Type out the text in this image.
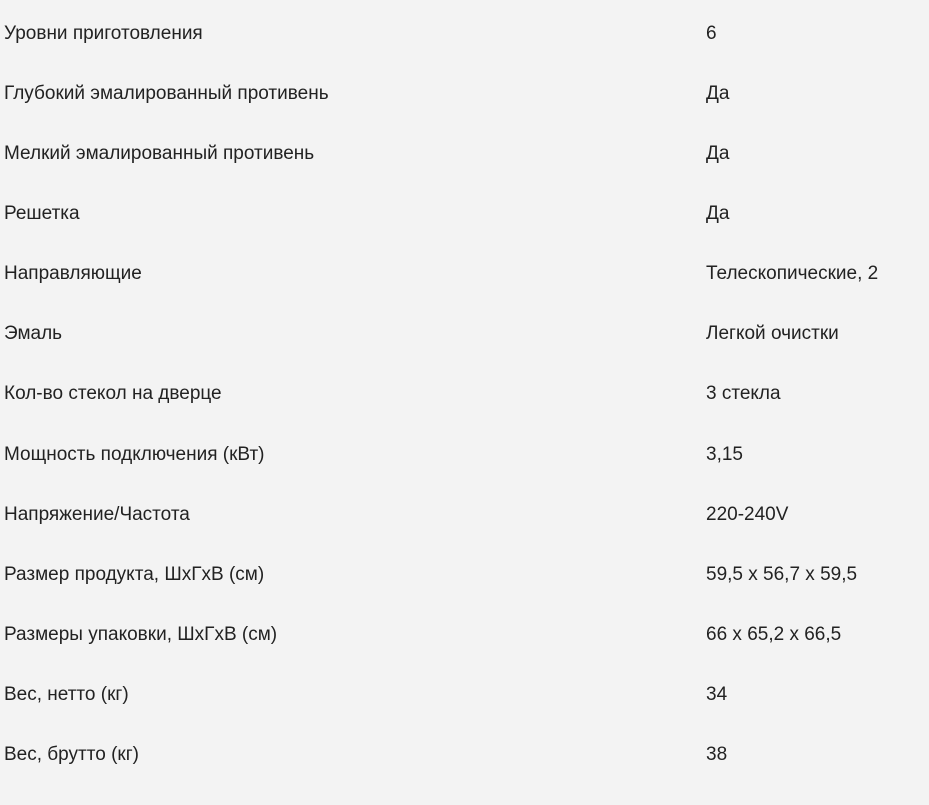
Уровни приготовления	6
Глубокий эмалированный противень	Да
Мелкий эмалированный противень	Да
Решетка	Да
Направляющие	Телескопические, 2
Эмаль	Легкой очистки
Кол-во стекол на дверце	3 стекла
Мощность подключения (кВт)	3,15
Напряжение/Частота	220-240V
Размер продукта, ШхГхВ (см)	59,5 х 56,7 х 59,5
Размеры упаковки, ШхГхВ (см)	66 х 65,2 х 66,5
Вес, нетто (кг)	34
Вес, брутто (кг)	38
